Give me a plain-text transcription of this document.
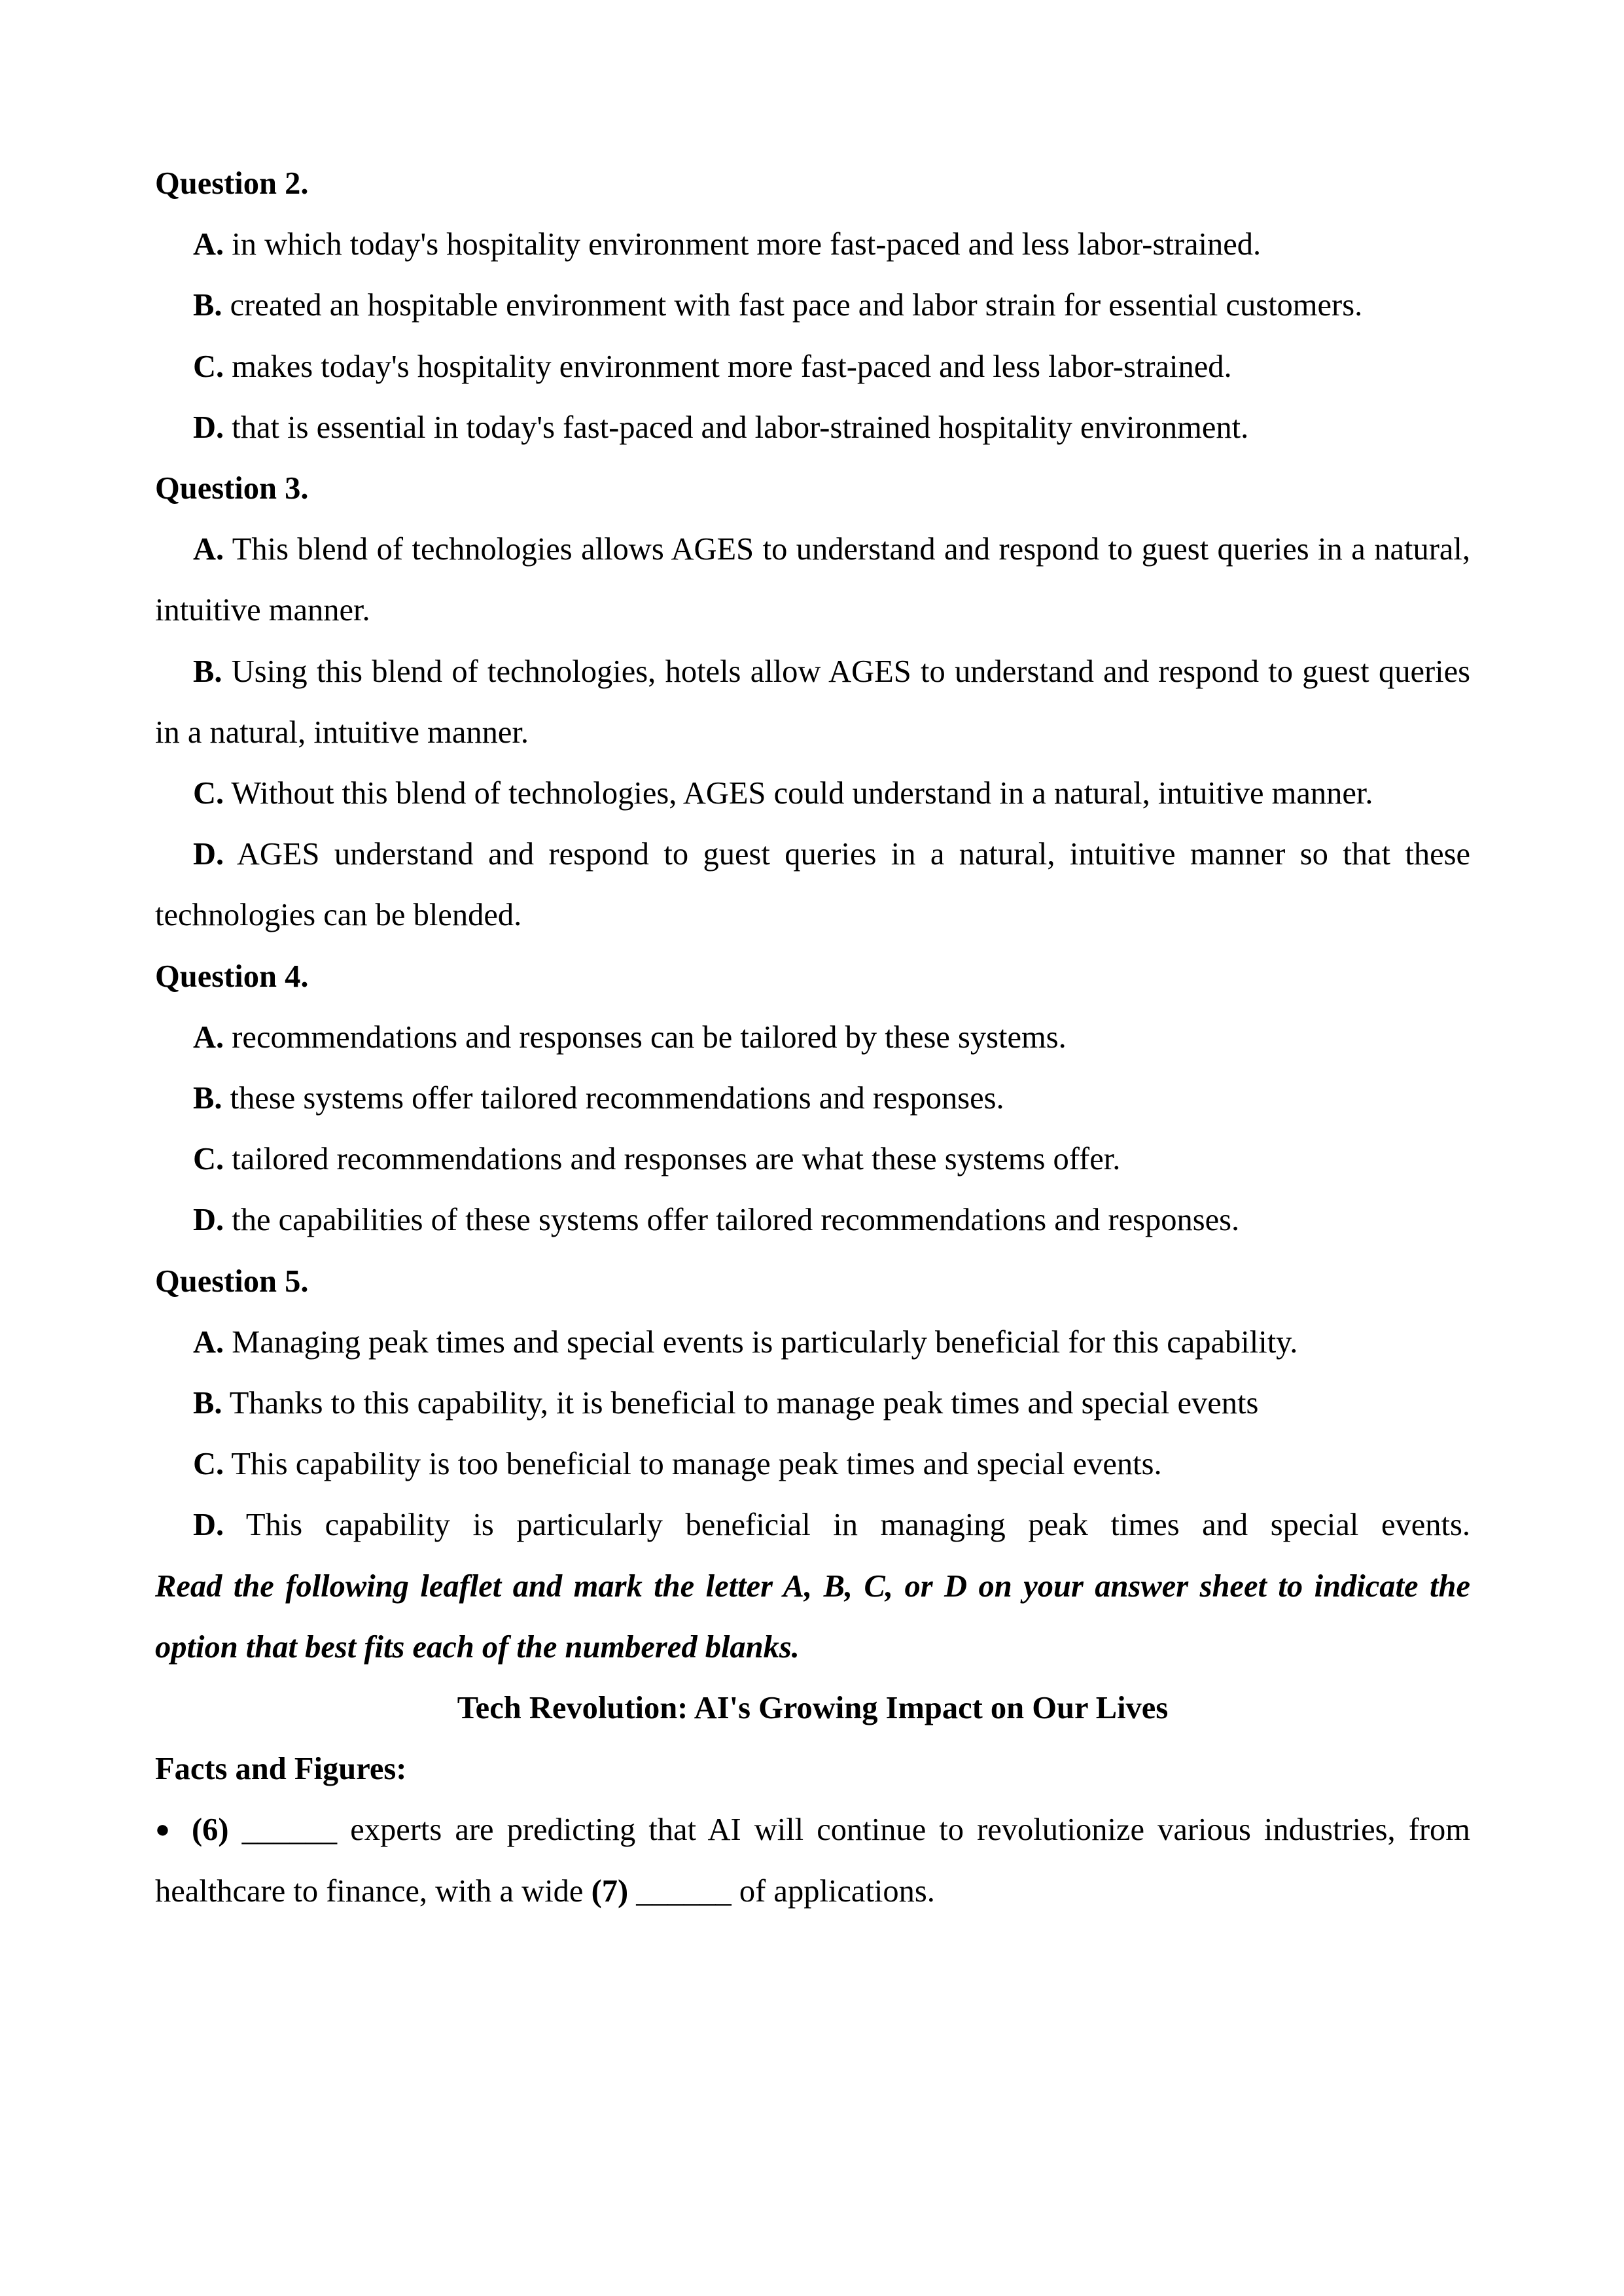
Question 2.

A. in which today's hospitality environment more fast-paced and less labor-strained.

B. created an hospitable environment with fast pace and labor strain for essential customers.

C. makes today's hospitality environment more fast-paced and less labor-strained.

D. that is essential in today's fast-paced and labor-strained hospitality environment.

Question 3.

A. This blend of technologies allows AGES to understand and respond to guest queries in a natural, intuitive manner.

B. Using this blend of technologies, hotels allow AGES to understand and respond to guest queries in a natural, intuitive manner.

C. Without this blend of technologies, AGES could understand in a natural, intuitive manner.

D. AGES understand and respond to guest queries in a natural, intuitive manner so that these technologies can be blended.

Question 4.

A. recommendations and responses can be tailored by these systems.

B. these systems offer tailored recommendations and responses.

C. tailored recommendations and responses are what these systems offer.

D. the capabilities of these systems offer tailored recommendations and responses.

Question 5.

A. Managing peak times and special events is particularly beneficial for this capability.

B. Thanks to this capability, it is beneficial to manage peak times and special events

C. This capability is too beneficial to manage peak times and special events.

D. This capability is particularly beneficial in managing peak times and special events.

Read the following leaflet and mark the letter A, B, C, or D on your answer sheet to indicate the option that best fits each of the numbered blanks.

Tech Revolution: AI's Growing Impact on Our Lives

Facts and Figures:

● (6) ______ experts are predicting that AI will continue to revolutionize various industries, from healthcare to finance, with a wide (7) ______ of applications.
